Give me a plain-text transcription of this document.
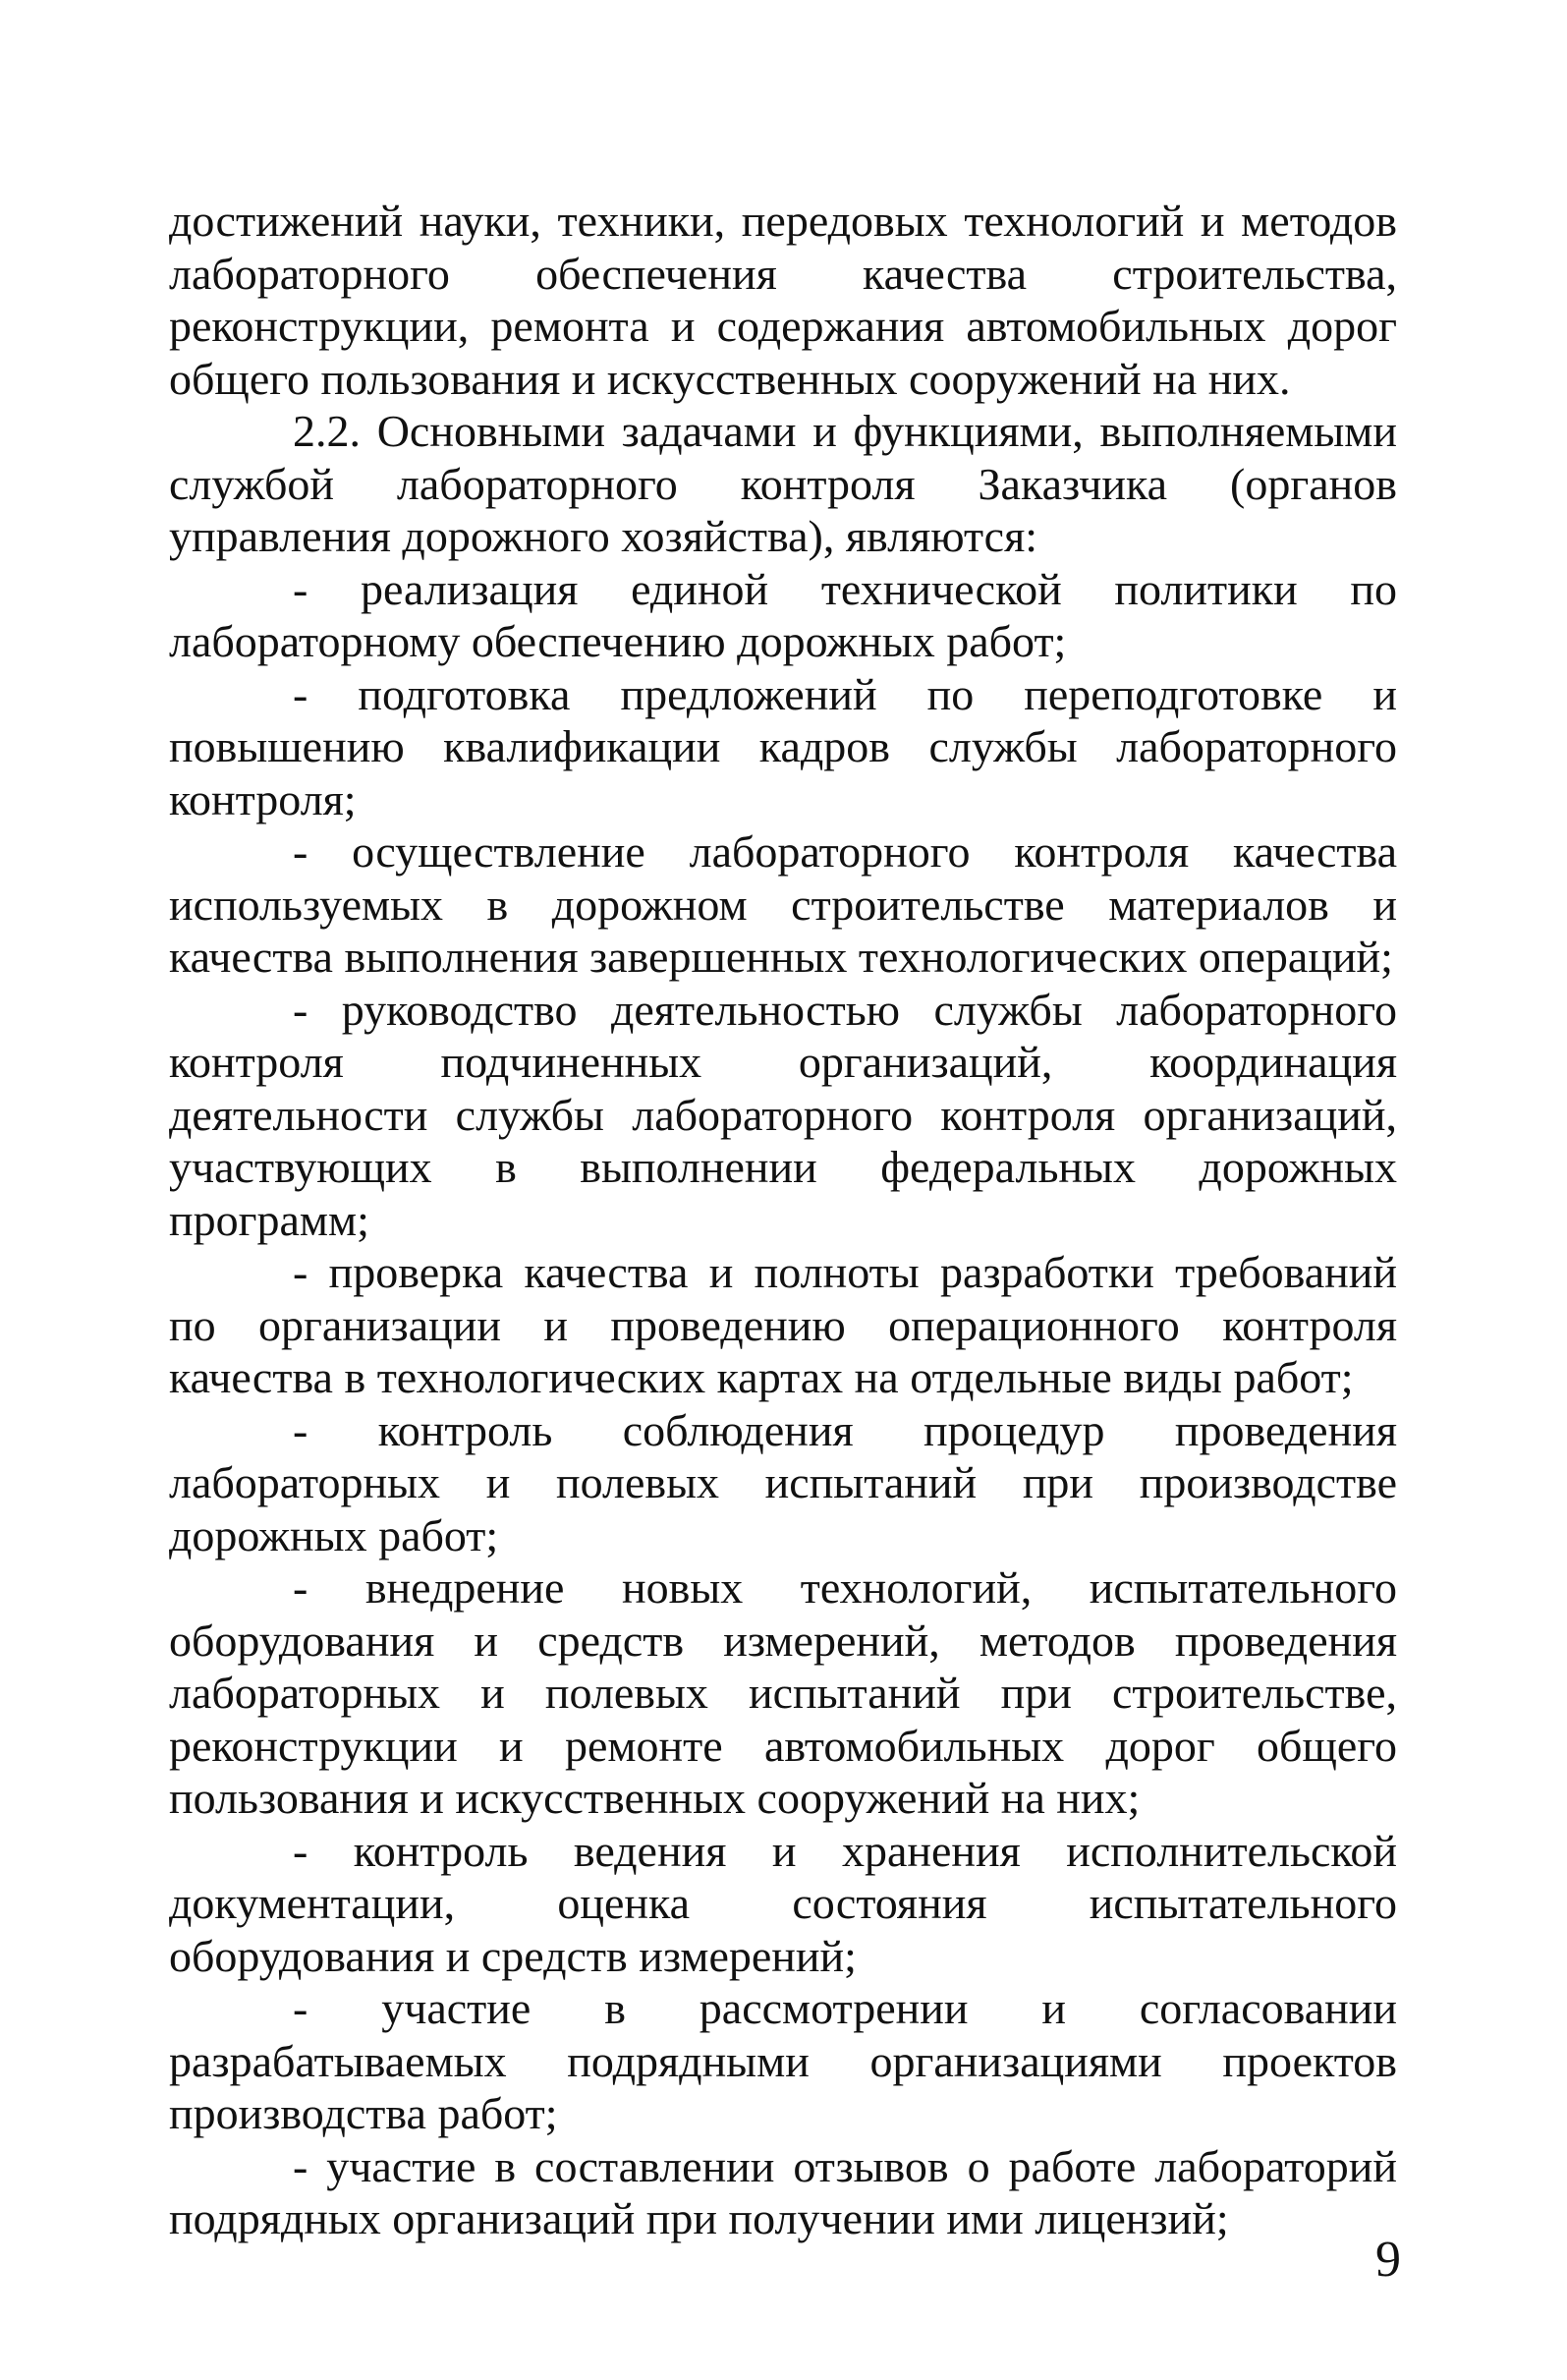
достижений науки, техники, передовых технологий и методов лабораторного обеспечения качества строительства, реконструкции, ремонта и содержания автомобильных дорог общего пользования и искусственных сооружений на них.

2.2. Основными задачами и функциями, выполняемыми службой лабораторного контроля Заказчика (органов управления дорожного хозяйства), являются:

- реализация единой технической политики по лабораторному обеспечению дорожных работ;

- подготовка предложений по переподготовке и повышению квалификации кадров службы лабораторного контроля;

- осуществление лабораторного контроля качества используемых в дорожном строительстве материалов и качества выполнения завершенных технологических операций;

- руководство деятельностью службы лабораторного контроля подчиненных организаций, координация деятельности службы лабораторного контроля организаций, участвующих в выполнении федеральных дорожных программ;

- проверка качества и полноты разработки требований по организации и проведению операционного контроля качества в технологических картах на отдельные виды работ;

- контроль соблюдения процедур проведения лабораторных и полевых испытаний при производстве дорожных работ;

- внедрение новых технологий, испытательного оборудования и средств измерений, методов проведения лабораторных и полевых испытаний при строительстве, реконструкции и ремонте автомобильных дорог общего пользования и искусственных сооружений на них;

- контроль ведения и хранения исполнительской документации, оценка состояния испытательного оборудования и средств измерений;

- участие в рассмотрении и согласовании разрабатываемых подрядными организациями проектов производства работ;

- участие в составлении отзывов о работе лабораторий подрядных организаций при получении ими лицензий;

9
